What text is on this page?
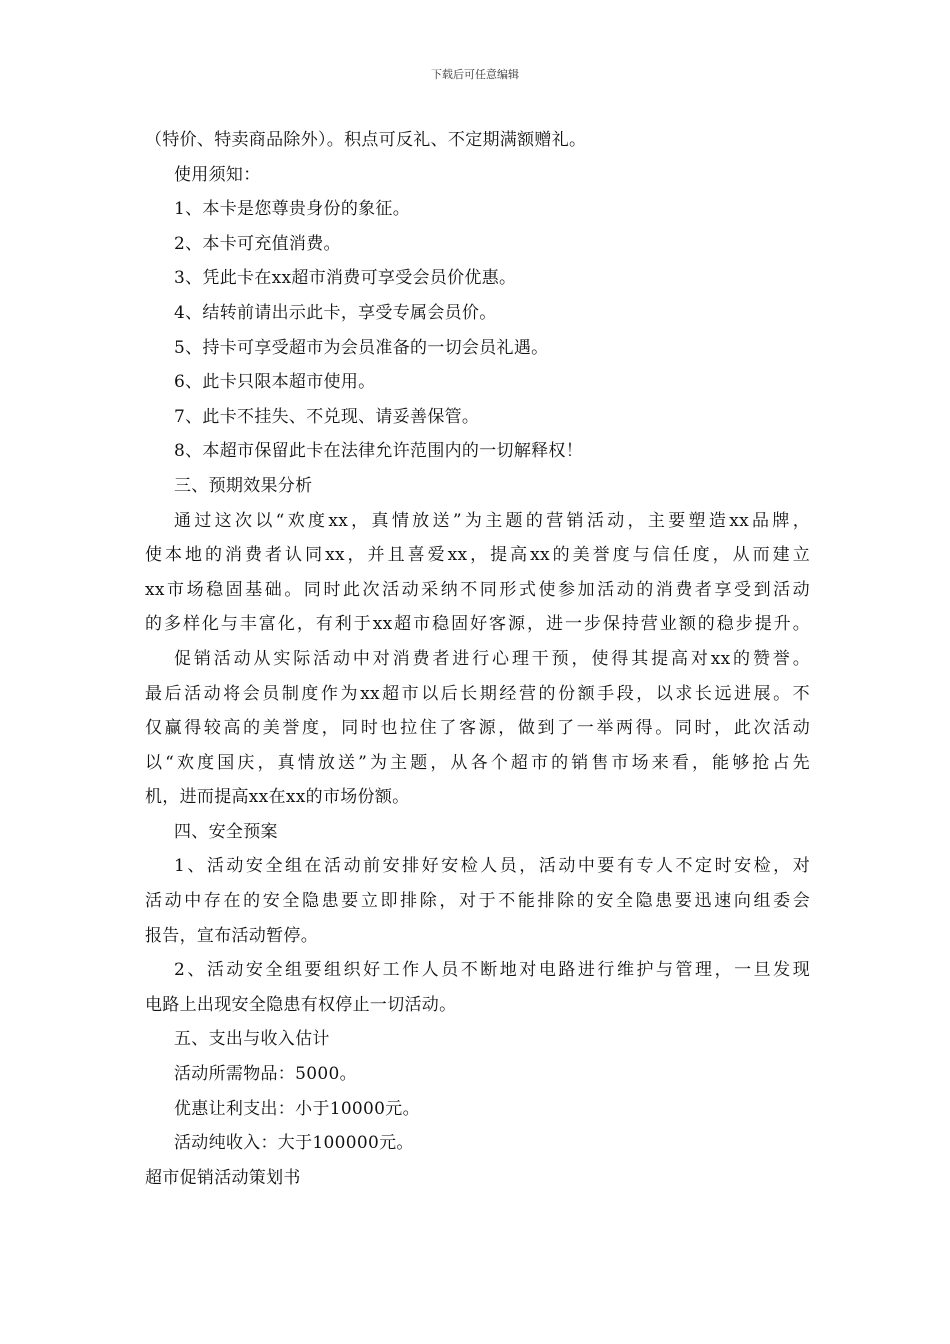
下载后可任意编辑
（特价、特卖商品除外）。积点可反礼、不定期满额赠礼。
使用须知：
1、本卡是您尊贵身份的象征。
2、本卡可充值消费。
3、凭此卡在xx超市消费可享受会员价优惠。
4、结转前请出示此卡，享受专属会员价。
5、持卡可享受超市为会员准备的一切会员礼遇。
6、此卡只限本超市使用。
7、此卡不挂失、不兑现、请妥善保管。
8、本超市保留此卡在法律允许范围内的一切解释权！
三、预期效果分析
通过这次以“欢度xx，真情放送”为主题的营销活动，主要塑造xx品牌，
使本地的消费者认同xx，并且喜爱xx，提高xx的美誉度与信任度，从而建立
xx市场稳固基础。同时此次活动采纳不同形式使参加活动的消费者享受到活动
的多样化与丰富化，有利于xx超市稳固好客源，进一步保持营业额的稳步提升。
促销活动从实际活动中对消费者进行心理干预，使得其提高对xx的赞誉。
最后活动将会员制度作为xx超市以后长期经营的份额手段，以求长远进展。不
仅赢得较高的美誉度，同时也拉住了客源，做到了一举两得。同时，此次活动
以“欢度国庆，真情放送”为主题，从各个超市的销售市场来看，能够抢占先
机，进而提高xx在xx的市场份额。
四、安全预案
1、活动安全组在活动前安排好安检人员，活动中要有专人不定时安检，对
活动中存在的安全隐患要立即排除，对于不能排除的安全隐患要迅速向组委会
报告，宣布活动暂停。
2、活动安全组要组织好工作人员不断地对电路进行维护与管理，一旦发现
电路上出现安全隐患有权停止一切活动。
五、支出与收入估计
活动所需物品：5000。
优惠让利支出：小于10000元。
活动纯收入：大于100000元。
超市促销活动策划书
